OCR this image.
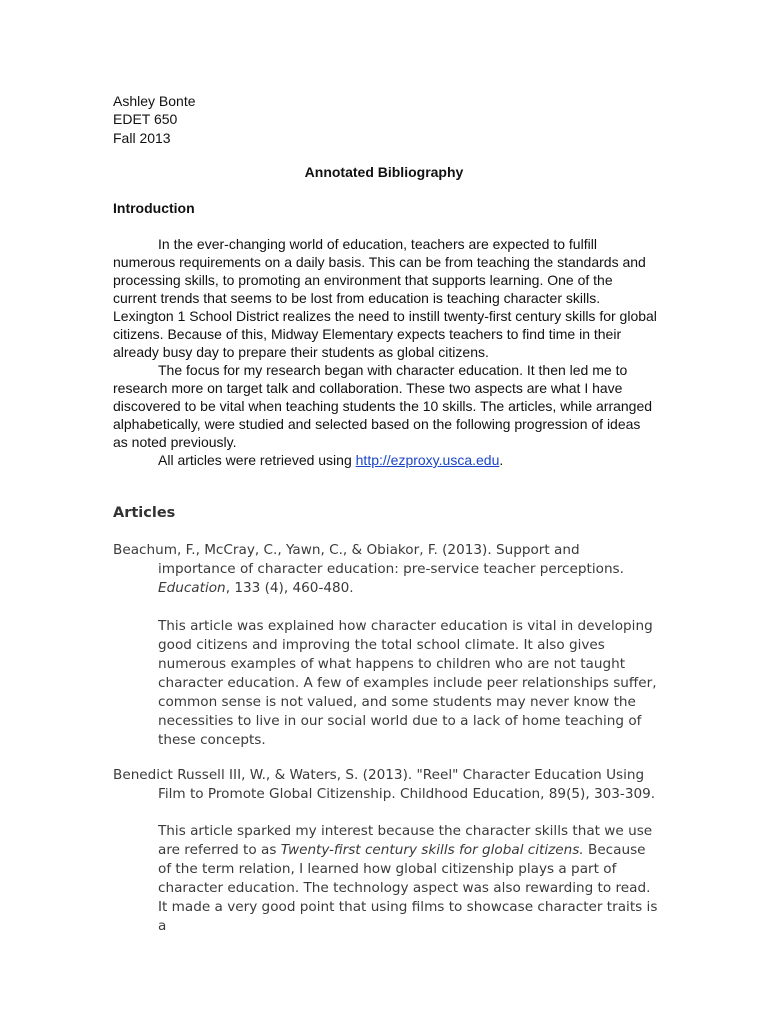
Ashley Bonte
EDET 650
Fall 2013
Annotated Bibliography
Introduction

In the ever-changing world of education, teachers are expected to fulfill numerous requirements on a daily basis. This can be from teaching the standards and processing skills, to promoting an environment that supports learning. One of the current trends that seems to be lost from education is teaching character skills. Lexington 1 School District realizes the need to instill twenty-first century skills for global citizens. Because of this, Midway Elementary expects teachers to find time in their already busy day to prepare their students as global citizens.

The focus for my research began with character education. It then led me to research more on target talk and collaboration. These two aspects are what I have discovered to be vital when teaching students the 10 skills. The articles, while arranged alphabetically, were studied and selected based on the following progression of ideas as noted previously.

All articles were retrieved using http://ezproxy.usca.edu.

Articles
Beachum, F., McCray, C., Yawn, C., & Obiakor, F. (2013). Support and importance of character education: pre-service teacher perceptions. Education, 133 (4), 460-480.
This article was explained how character education is vital in developing good citizens and improving the total school climate. It also gives numerous examples of what happens to children who are not taught character education. A few of examples include peer relationships suffer, common sense is not valued, and some students may never know the necessities to live in our social world due to a lack of home teaching of these concepts.
Benedict Russell III, W., & Waters, S. (2013). "Reel" Character Education Using Film to Promote Global Citizenship. Childhood Education, 89(5), 303-309.
This article sparked my interest because the character skills that we use are referred to as Twenty-first century skills for global citizens. Because of the term relation, I learned how global citizenship plays a part of character education. The technology aspect was also rewarding to read. It made a very good point that using films to showcase character traits is a
